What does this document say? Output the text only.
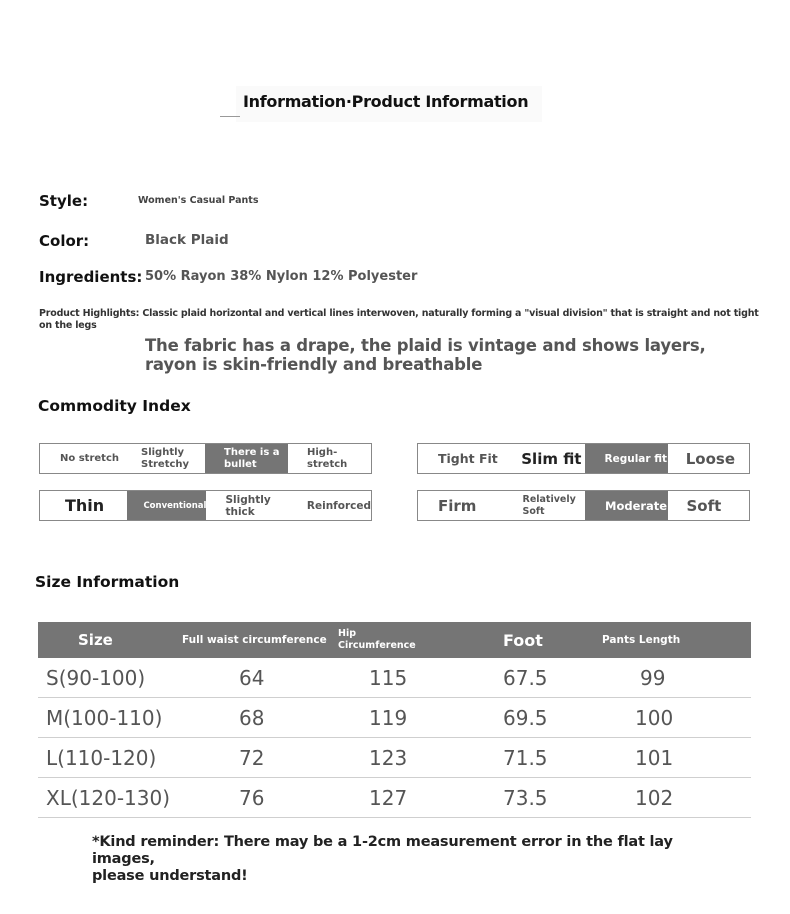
Information·Product Information
Style:	Women's Casual Pants
Color:	Black Plaid
Ingredients: 50% Rayon 38% Nylon 12% Polyester
Product Highlights: Classic plaid horizontal and vertical lines interwoven, naturally forming a "visual division" that is straight and not tight on the legs
The fabric has a drape, the plaid is vintage and shows layers,
rayon is skin-friendly and breathable
Commodity Index
No stretch
Slightly Stretchy
There is a bullet
High-stretch	Tight Fit	Slim fit	Regular fit	Loose
Thin	Conventional	Slightly thick	Reinforced	Firm	Relatively Soft	Moderate	Soft
Size Information
Size	Full waist circumference	Hip Circumference	Foot	Pants Length
S(90-100)	64	115	67.5	99
M(100-110)	68	119	69.5	100
L(110-120)	72	123	71.5	101
XL(120-130)	76	127	73.5	102
*Kind reminder: There may be a 1-2cm measurement error in the flat lay images,
please understand!
